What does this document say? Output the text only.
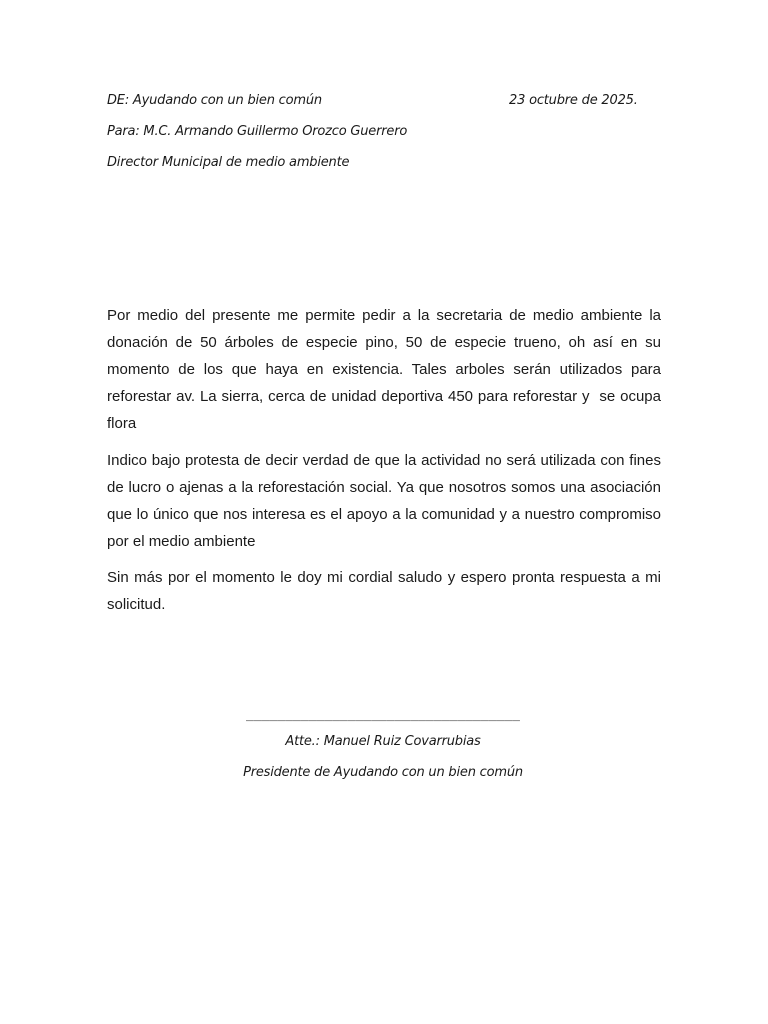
DE: Ayudando con un bien común	23 octubre de 2025.
Para: M.C. Armando Guillermo Orozco Guerrero
Director Municipal de medio ambiente

Por medio del presente me permite pedir a la secretaria de medio ambiente la donación de 50 árboles de especie pino, 50 de especie trueno, oh así en su momento de los que haya en existencia. Tales arboles serán utilizados para reforestar av. La sierra, cerca de unidad deportiva 450 para reforestar y  se ocupa flora

Indico bajo protesta de decir verdad de que la actividad no será utilizada con fines de lucro o ajenas a la reforestación social. Ya que nosotros somos una asociación que lo único que nos interesa es el apoyo a la comunidad y a nuestro compromiso por el medio ambiente

Sin más por el momento le doy mi cordial saludo y espero pronta respuesta a mi solicitud.

___________________________________
Atte.: Manuel Ruiz Covarrubias
Presidente de Ayudando con un bien común
